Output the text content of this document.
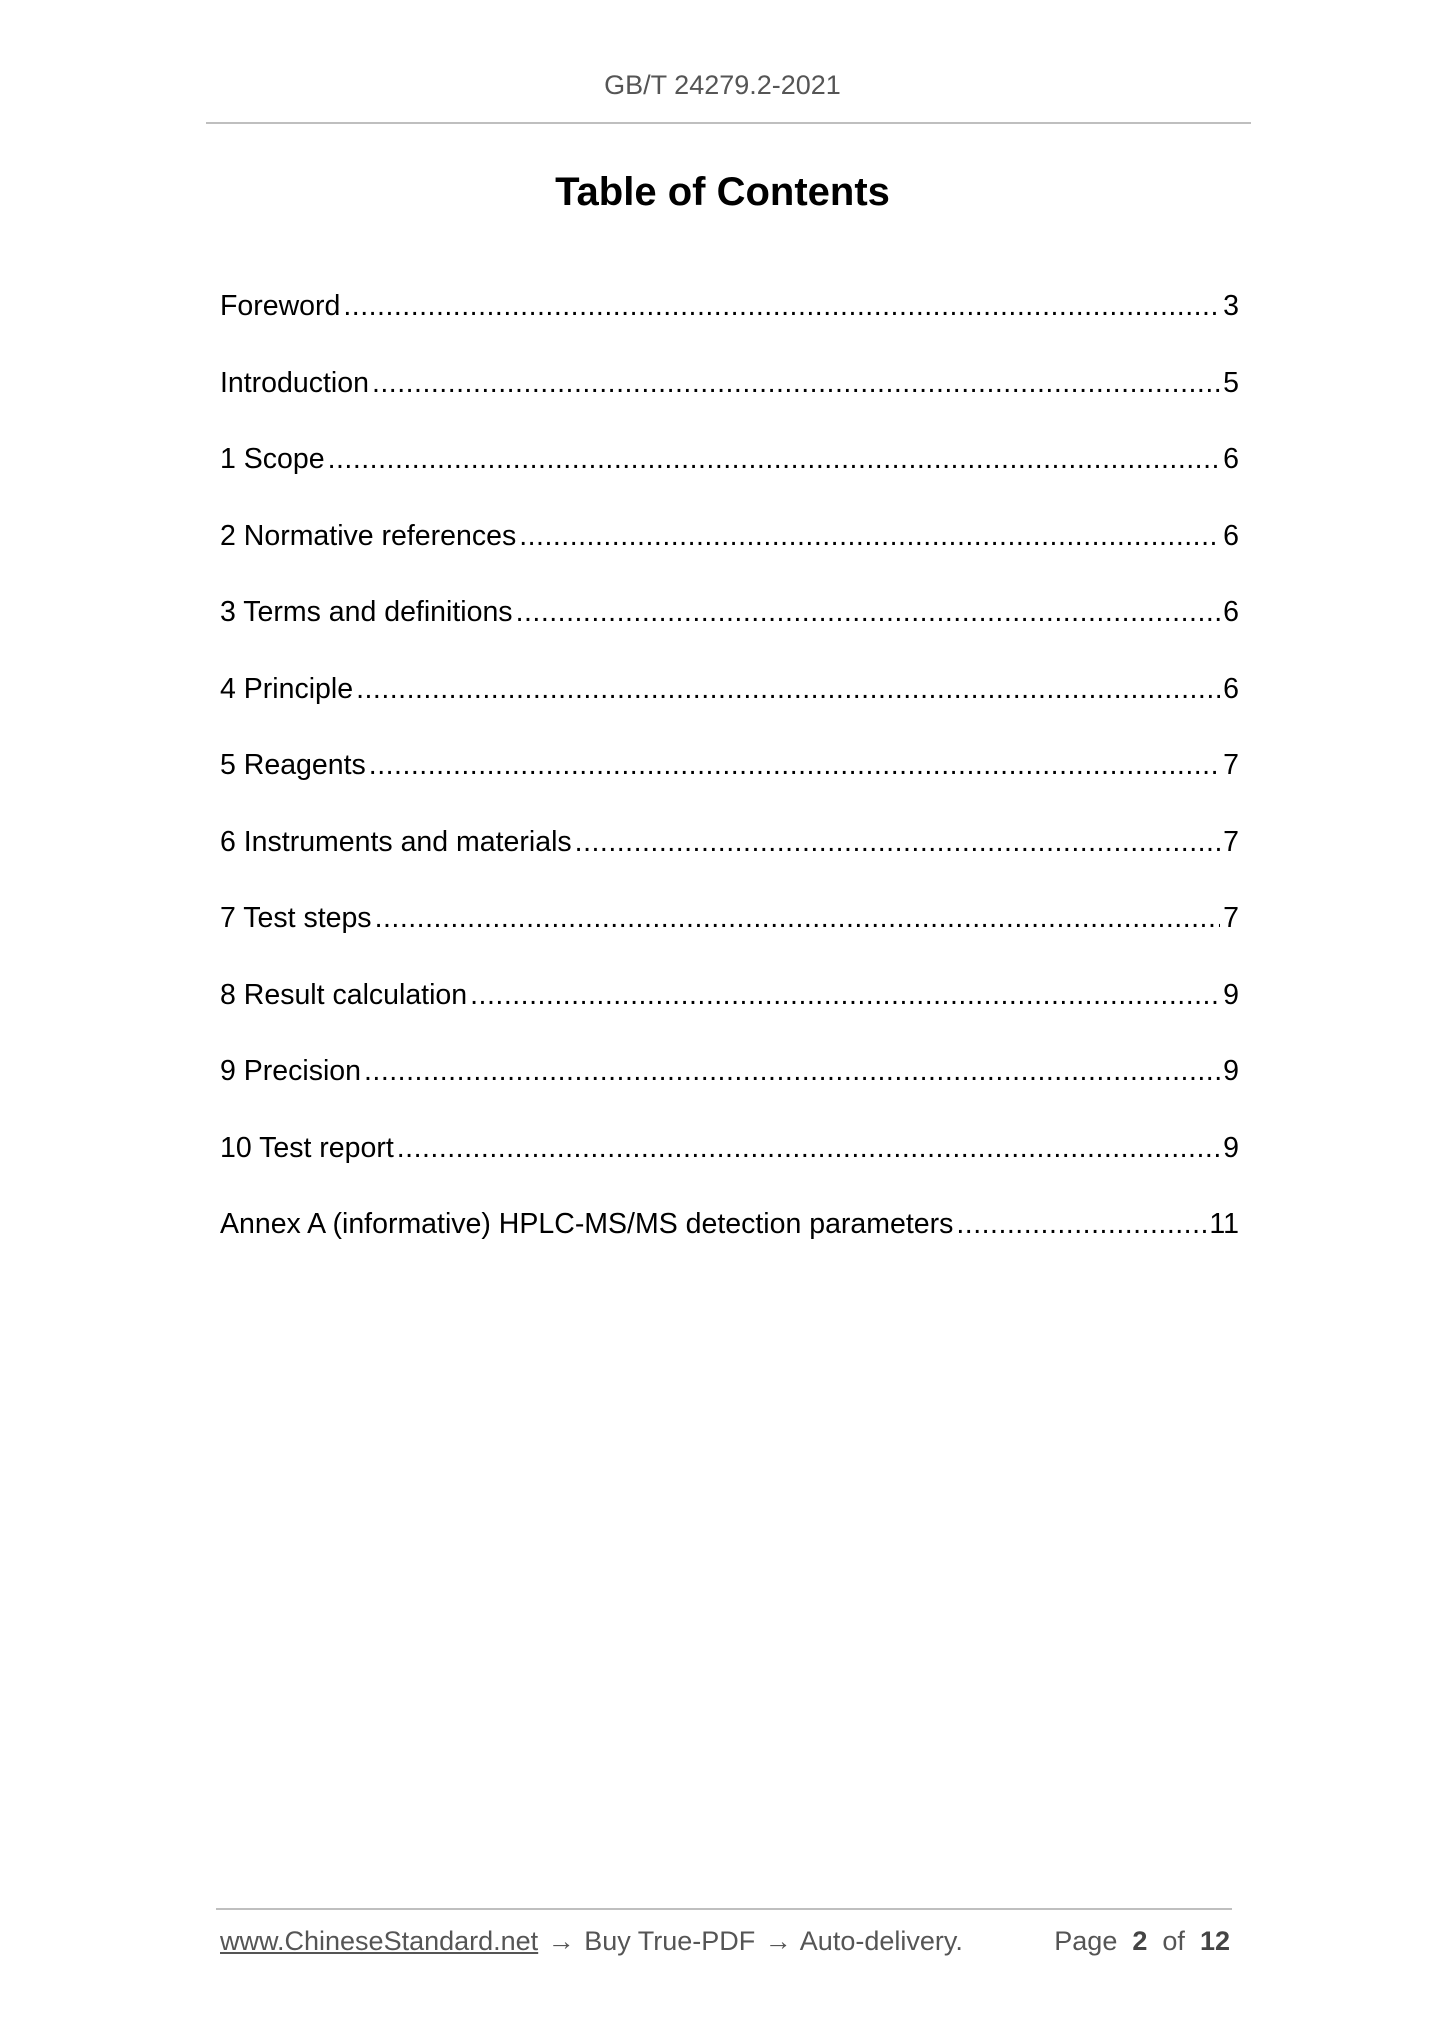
GB/T 24279.2-2021
Table of Contents
Foreword .....	3
Introduction .....	5
1 Scope .....	6
2 Normative references .....	6
3 Terms and definitions .....	6
4 Principle .....	6
5 Reagents .....	7
6 Instruments and materials .....	7
7 Test steps .....	7
8 Result calculation .....	9
9 Precision .....	9
10 Test report .....	9
Annex A (informative) HPLC-MS/MS detection parameters .....	11
www.ChineseStandard.net → Buy True-PDF → Auto-delivery.	Page 2 of 12
